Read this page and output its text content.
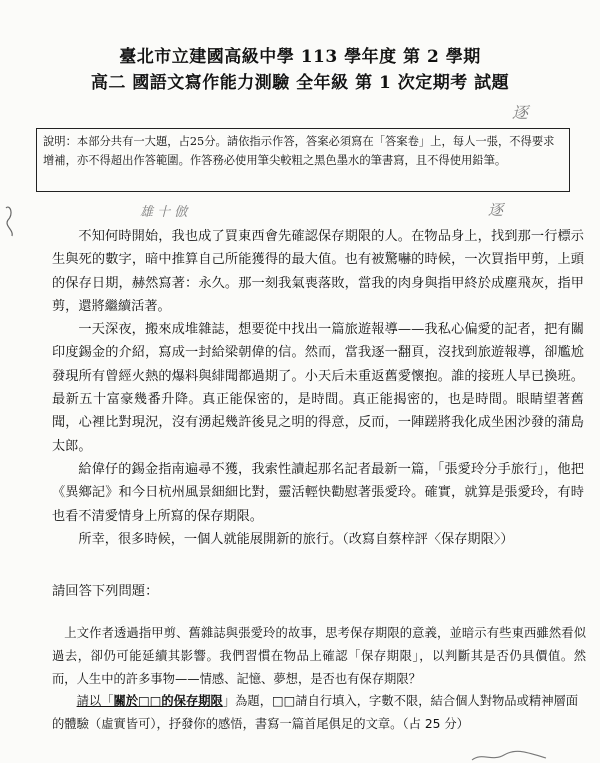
臺北市立建國高級中學 113 學年度 第 2 學期
高二 國語文寫作能力測驗 全年級 第 1 次定期考 試題
逐
說明：本部分共有一大題，占25分。請依指示作答，答案必須寫在「答案卷」上，每人一張，不得要求增補，亦不得超出作答範圍。作答務必使用筆尖較粗之黑色墨水的筆書寫，且不得使用鉛筆。
雄 十 倣	逐

不知何時開始，我也成了買東西會先確認保存期限的人。在物品身上，找到那一行標示生與死的數字，暗中推算自己所能獲得的最大值。也有被驚嚇的時候，一次買指甲剪，上頭的保存日期，赫然寫著：永久。那一刻我氣喪落敗，當我的肉身與指甲終於成塵飛灰，指甲剪，還將繼續活著。

一天深夜，搬來成堆雜誌，想要從中找出一篇旅遊報導——我私心偏愛的記者，把有關印度錫金的介紹，寫成一封給梁朝偉的信。然而，當我逐一翻頁，沒找到旅遊報導，卻尷尬發現所有曾經火熱的爆料與緋聞都過期了。小天后未重返舊愛懷抱。誰的接班人早已換班。最新五十富豪幾番升降。真正能保密的，是時間。真正能揭密的，也是時間。眼睛望著舊聞，心裡比對現況，沒有湧起幾許後見之明的得意，反而，一陣蹉將我化成坐困沙發的蒲島太郎。

給偉仔的錫金指南遍尋不獲，我索性讀起那名記者最新一篇，「張愛玲分手旅行」，他把《異鄉記》和今日杭州風景細細比對，靈活輕快勸慰著張愛玲。確實，就算是張愛玲，有時也看不清愛情身上所寫的保存期限。

所幸，很多時候，一個人就能展開新的旅行。（改寫自蔡梓評〈保存期限〉）

請回答下列問題：

上文作者透過指甲剪、舊雜誌與張愛玲的故事，思考保存期限的意義，並暗示有些東西雖然看似過去，卻仍可能延續其影響。我們習慣在物品上確認「保存期限」，以判斷其是否仍具價值。然而，人生中的許多事物——情感、記憶、夢想，是否也有保存期限？

請以「關於□□的保存期限」為題，□□請自行填入，字數不限，結合個人對物品或精神層面的體驗（虛實皆可），抒發你的感悟，書寫一篇首尾俱足的文章。（占 25 分）
